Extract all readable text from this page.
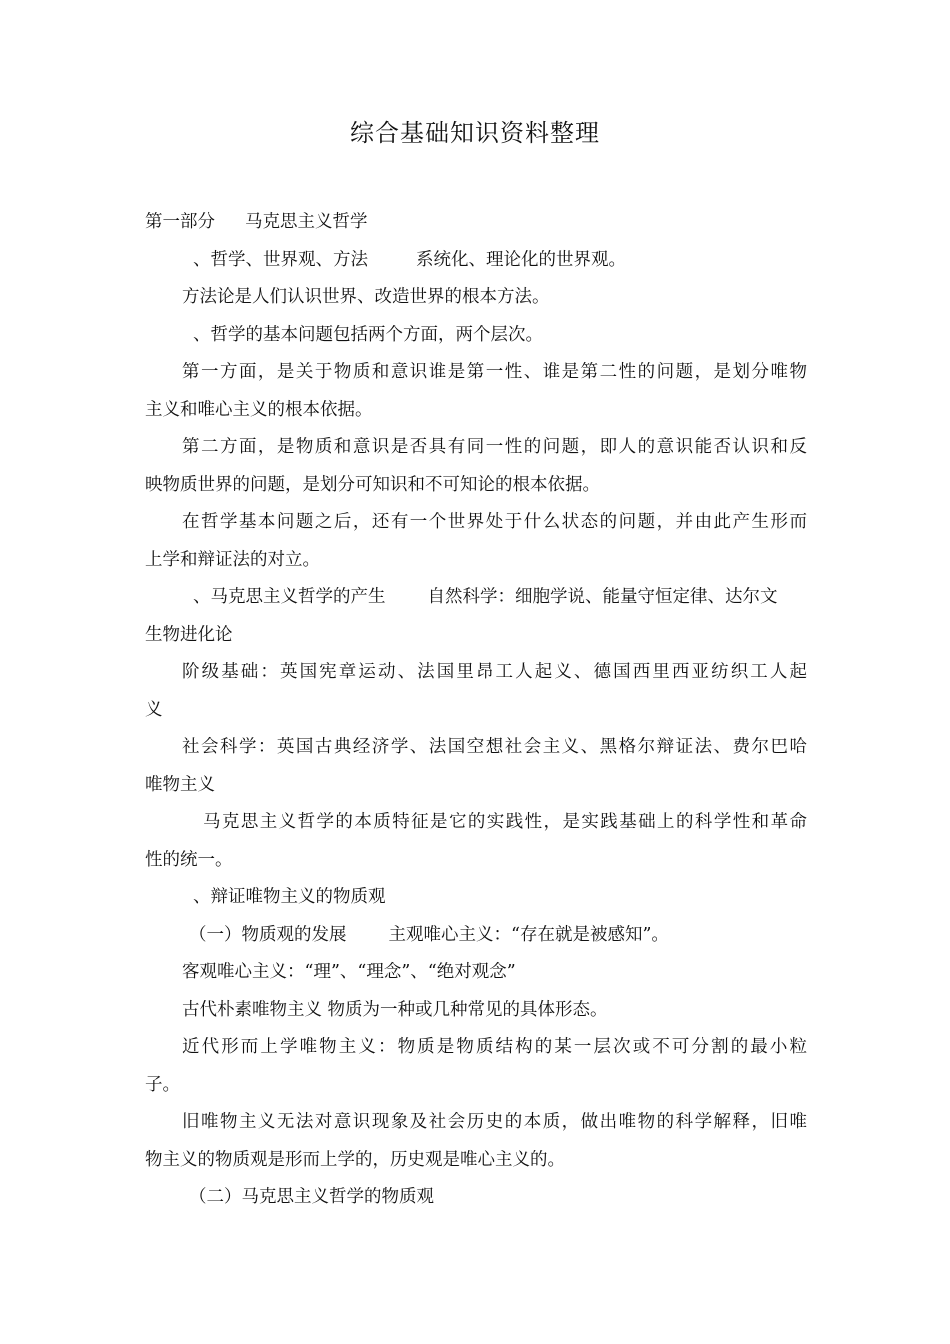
综合基础知识资料整理
第一部分 马克思主义哲学
、哲学、世界观、方法	系统化、理论化的世界观。
方法论是人们认识世界、改造世界的根本方法。
、哲学的基本问题包括两个方面，两个层次。
第一方面，是关于物质和意识谁是第一性、谁是第二性的问题，是划分唯物
主义和唯心主义的根本依据。
第二方面，是物质和意识是否具有同一性的问题，即人的意识能否认识和反
映物质世界的问题，是划分可知识和不可知论的根本依据。
在哲学基本问题之后，还有一个世界处于什么状态的问题，并由此产生形而
上学和辩证法的对立。
、马克思主义哲学的产生 自然科学：细胞学说、能量守恒定律、达尔文
生物进化论
阶级基础：英国宪章运动、法国里昂工人起义、德国西里西亚纺织工人起
义
社会科学：英国古典经济学、法国空想社会主义、黑格尔辩证法、费尔巴哈
唯物主义
马克思主义哲学的本质特征是它的实践性，是实践基础上的科学性和革命
性的统一。
、辩证唯物主义的物质观
（一）物质观的发展 主观唯心主义：“存在就是被感知”。
客观唯心主义：“理”、“理念”、“绝对观念”
古代朴素唯物主义 物质为一种或几种常见的具体形态。
近代形而上学唯物主义：物质是物质结构的某一层次或不可分割的最小粒
子。
旧唯物主义无法对意识现象及社会历史的本质，做出唯物的科学解释，旧唯
物主义的物质观是形而上学的，历史观是唯心主义的。
（二）马克思主义哲学的物质观
